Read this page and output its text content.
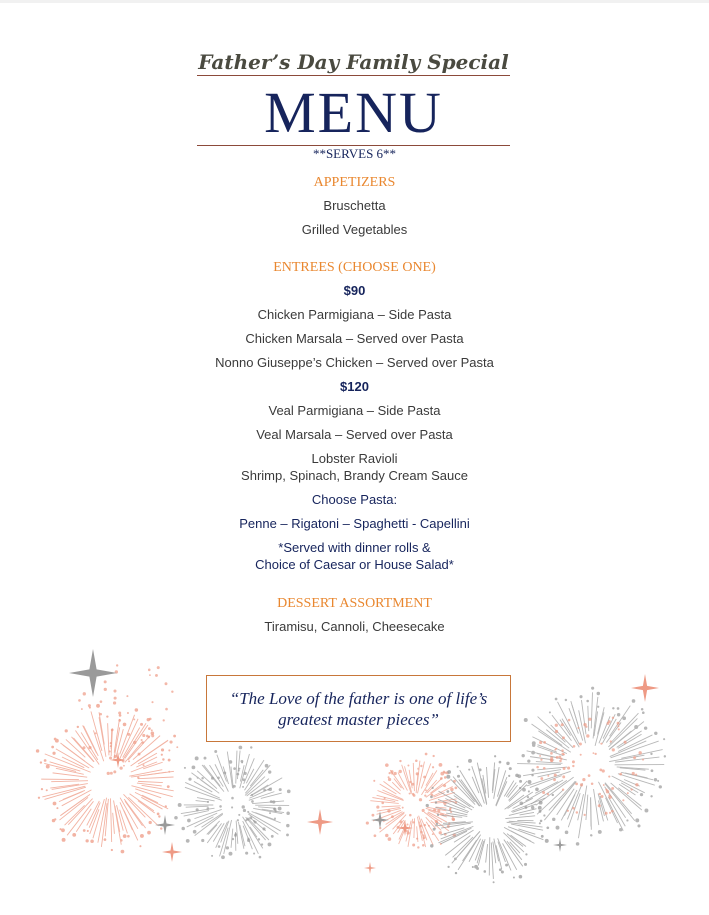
Father’s Day Family Special
MENU
**SERVES 6**
APPETIZERS
Bruschetta
Grilled Vegetables
ENTREES (CHOOSE ONE)
$90
Chicken Parmigiana – Side Pasta
Chicken Marsala – Served over Pasta
Nonno Giuseppe’s Chicken – Served over Pasta
$120
Veal Parmigiana – Side Pasta
Veal Marsala – Served over Pasta
Lobster Ravioli
Shrimp, Spinach, Brandy Cream Sauce
Choose Pasta:
Penne – Rigatoni – Spaghetti - Capellini
*Served with dinner rolls &
Choice of Caesar or House Salad*
DESSERT ASSORTMENT
Tiramisu, Cannoli, Cheesecake
“The Love of the father is one of life’s
greatest master pieces”
